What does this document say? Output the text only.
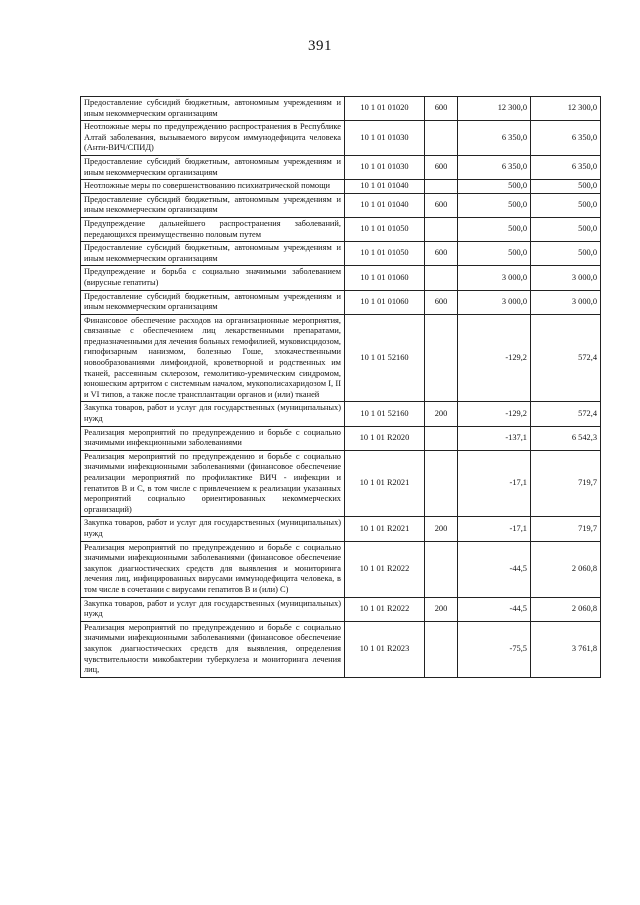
391
Предоставление субсидий бюджетным, автономным учреждениям и иным некоммерческим организациям	10 1 01 01020	600	12 300,0	12 300,0
Неотложные меры по предупреждению распространения в Республике Алтай заболевания, вызываемого вирусом иммунодефицита человека (Анти-ВИЧ/СПИД)	10 1 01 01030		6 350,0	6 350,0
Предоставление субсидий бюджетным, автономным учреждениям и иным некоммерческим организациям	10 1 01 01030	600	6 350,0	6 350,0
Неотложные меры по совершенствованию психиатрической помощи	10 1 01 01040		500,0	500,0
Предоставление субсидий бюджетным, автономным учреждениям и иным некоммерческим организациям	10 1 01 01040	600	500,0	500,0
Предупреждение дальнейшего распространения заболеваний, передающихся преимущественно половым путем	10 1 01 01050		500,0	500,0
Предоставление субсидий бюджетным, автономным учреждениям и иным некоммерческим организациям	10 1 01 01050	600	500,0	500,0
Предупреждение и борьба с социально значимыми заболеванием (вирусные гепатиты)	10 1 01 01060		3 000,0	3 000,0
Предоставление субсидий бюджетным, автономным учреждениям и иным некоммерческим организациям	10 1 01 01060	600	3 000,0	3 000,0
Финансовое обеспечение расходов на организационные мероприятия, связанные с обеспечением лиц лекарственными препаратами, предназначенными для лечения больных гемофилией, муковисцидозом, гипофизарным нанизмом, болезнью Гоше, злокачественными новообразованиями лимфоидной, кроветворной и родственных им тканей, рассеянным склерозом, гемолитико-уремическим синдромом, юношеским артритом с системным началом, мукополисахаридозом I, II и VI типов, а также после трансплантации органов и (или) тканей	10 1 01 52160		-129,2	572,4
Закупка товаров, работ и услуг для государственных (муниципальных) нужд	10 1 01 52160	200	-129,2	572,4
Реализация мероприятий по предупреждению и борьбе с социально значимыми инфекционными заболеваниями	10 1 01 R2020		-137,1	6 542,3
Реализация мероприятий по предупреждению и борьбе с социально значимыми инфекционными заболеваниями (финансовое обеспечение реализации мероприятий по профилактике ВИЧ - инфекции и гепатитов В и С, в том числе с привлечением к реализации указанных мероприятий социально ориентированных некоммерческих организаций)	10 1 01 R2021		-17,1	719,7
Закупка товаров, работ и услуг для государственных (муниципальных) нужд	10 1 01 R2021	200	-17,1	719,7
Реализация мероприятий по предупреждению и борьбе с социально значимыми инфекционными заболеваниями (финансовое обеспечение закупок диагностических средств для выявления и мониторинга лечения лиц, инфицированных вирусами иммунодефицита человека, в том числе в сочетании с вирусами гепатитов В и (или) С)	10 1 01 R2022		-44,5	2 060,8
Закупка товаров, работ и услуг для государственных (муниципальных) нужд	10 1 01 R2022	200	-44,5	2 060,8
Реализация мероприятий по предупреждению и борьбе с социально значимыми инфекционными заболеваниями (финансовое обеспечение закупок диагностических средств для выявления, определения чувствительности микобактерии туберкулеза и мониторинга лечения лиц,	10 1 01 R2023		-75,5	3 761,8
